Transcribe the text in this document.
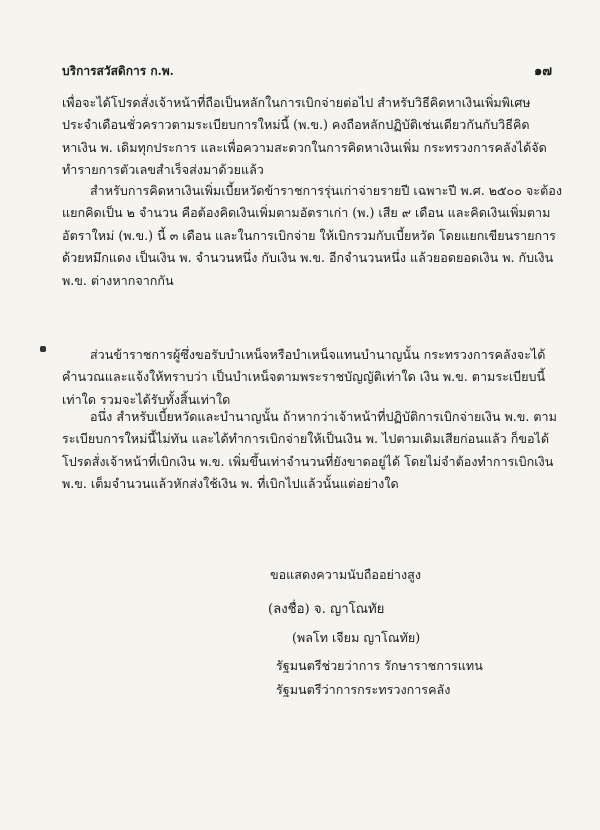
บริการสวัสดิการ ก.พ.	๑๗
เพื่อจะได้โปรดสั่งเจ้าหน้าที่ถือเป็นหลักในการเบิกจ่ายต่อไป สำหรับวิธีคิดหาเงินเพิ่มพิเศษประจำเดือนชั่วคราวตามระเบียบการใหม่นี้ (พ.ข.) คงถือหลักปฏิบัติเช่นเดียวกันกับวิธีคิดหาเงิน พ. เดิมทุกประการ และเพื่อความสะดวกในการคิดหาเงินเพิ่ม กระทรวงการคลังได้จัดทำรายการตัวเลขสำเร็จส่งมาด้วยแล้ว
สำหรับการคิดหาเงินเพิ่มเบี้ยหวัดข้าราชการรุ่นเก่าจ่ายรายปี เฉพาะปี พ.ศ. ๒๕๐๐ จะต้องแยกคิดเป็น ๒ จำนวน คือต้องคิดเงินเพิ่มตามอัตราเก่า (พ.) เสีย ๙ เดือน และคิดเงินเพิ่มตามอัตราใหม่ (พ.ข.) นี้ ๓ เดือน และในการเบิกจ่าย ให้เบิกรวมกับเบี้ยหวัด โดยแยกเขียนรายการด้วยหมึกแดง เป็นเงิน พ. จำนวนหนึ่ง กับเงิน พ.ข. อีกจำนวนหนึ่ง แล้วยอดยอดเงิน พ. กับเงิน พ.ข. ต่างหากจากกัน
ส่วนข้าราชการผู้ซึ่งขอรับบำเหน็จหรือบำเหน็จแทนบำนาญนั้น กระทรวงการคลังจะได้คำนวณและแจ้งให้ทราบว่า เป็นบำเหน็จตามพระราชบัญญัติเท่าใด เงิน พ.ข. ตามระเบียบนี้เท่าใด รวมจะได้รับทั้งสิ้นเท่าใด
อนึ่ง สำหรับเบี้ยหวัดและบำนาญนั้น ถ้าหากว่าเจ้าหน้าที่ปฏิบัติการเบิกจ่ายเงิน พ.ข. ตามระเบียบการใหม่นี้ไม่ทัน และได้ทำการเบิกจ่ายให้เป็นเงิน พ. ไปตามเดิมเสียก่อนแล้ว ก็ขอได้โปรดสั่งเจ้าหน้าที่เบิกเงิน พ.ข. เพิ่มขึ้นเท่าจำนวนที่ยังขาดอยู่ได้ โดยไม่จำต้องทำการเบิกเงิน พ.ข. เต็มจำนวนแล้วหักส่งใช้เงิน พ. ที่เบิกไปแล้วนั้นแต่อย่างใด
ขอแสดงความนับถืออย่างสูง
(ลงชื่อ) จ. ญาโณทัย
(พลโท เจียม ญาโณทัย)
รัฐมนตรีช่วยว่าการ รักษาราชการแทน
รัฐมนตรีว่าการกระทรวงการคลัง
